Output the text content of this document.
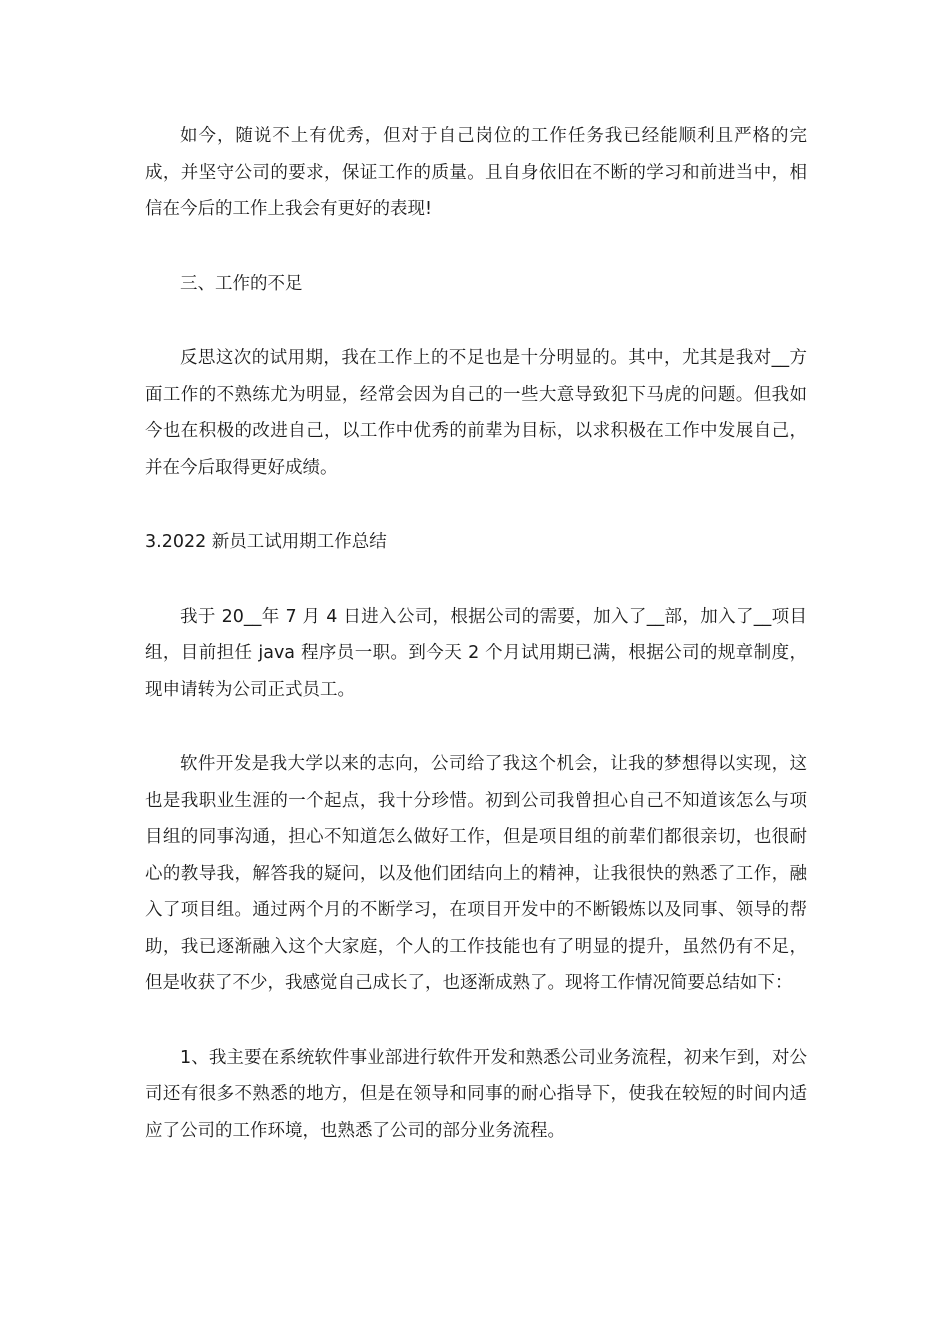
如今，随说不上有优秀，但对于自己岗位的工作任务我已经能顺利且严格的完成，并坚守公司的要求，保证工作的质量。且自身依旧在不断的学习和前进当中，相信在今后的工作上我会有更好的表现!

三、工作的不足

反思这次的试用期，我在工作上的不足也是十分明显的。其中，尤其是我对__方面工作的不熟练尤为明显，经常会因为自己的一些大意导致犯下马虎的问题。但我如今也在积极的改进自己，以工作中优秀的前辈为目标，以求积极在工作中发展自己，并在今后取得更好成绩。

3.2022 新员工试用期工作总结

我于 20__年 7 月 4 日进入公司，根据公司的需要，加入了__部，加入了__项目组，目前担任 java 程序员一职。到今天 2 个月试用期已满，根据公司的规章制度，现申请转为公司正式员工。

软件开发是我大学以来的志向，公司给了我这个机会，让我的梦想得以实现，这也是我职业生涯的一个起点，我十分珍惜。初到公司我曾担心自己不知道该怎么与项目组的同事沟通，担心不知道怎么做好工作，但是项目组的前辈们都很亲切，也很耐心的教导我，解答我的疑问，以及他们团结向上的精神，让我很快的熟悉了工作，融入了项目组。通过两个月的不断学习，在项目开发中的不断锻炼以及同事、领导的帮助，我已逐渐融入这个大家庭，个人的工作技能也有了明显的提升，虽然仍有不足，但是收获了不少，我感觉自己成长了，也逐渐成熟了。现将工作情况简要总结如下：

1、我主要在系统软件事业部进行软件开发和熟悉公司业务流程，初来乍到，对公司还有很多不熟悉的地方，但是在领导和同事的耐心指导下，使我在较短的时间内适应了公司的工作环境，也熟悉了公司的部分业务流程。
